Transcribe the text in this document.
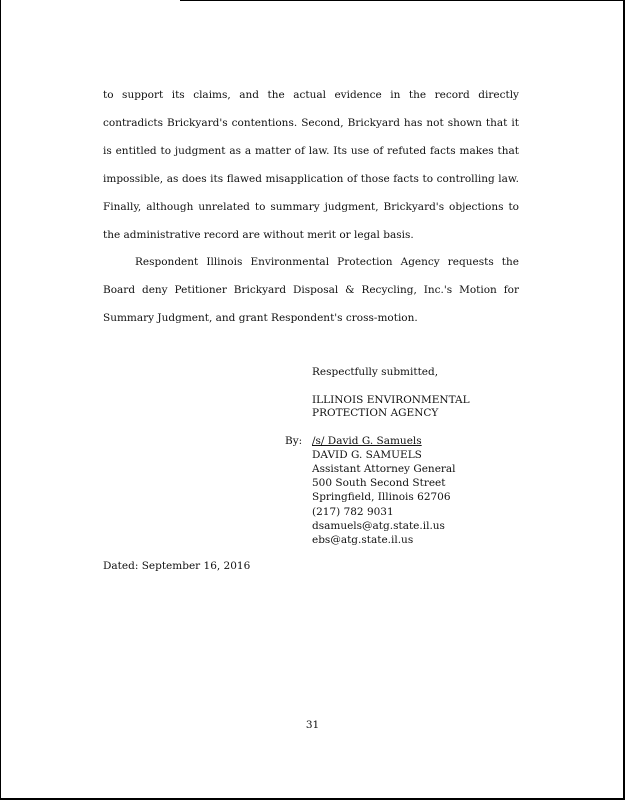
to support its claims, and the actual evidence in the record directly contradicts Brickyard's contentions. Second, Brickyard has not shown that it is entitled to judgment as a matter of law. Its use of refuted facts makes that impossible, as does its flawed misapplication of those facts to controlling law. Finally, although unrelated to summary judgment, Brickyard's objections to the administrative record are without merit or legal basis.

Respondent Illinois Environmental Protection Agency requests the Board deny Petitioner Brickyard Disposal & Recycling, Inc.'s Motion for Summary Judgment, and grant Respondent's cross-motion.

Respectfully submitted,
ILLINOIS ENVIRONMENTAL
PROTECTION AGENCY
By: /s/ David G. Samuels
DAVID G. SAMUELS
Assistant Attorney General
500 South Second Street
Springfield, Illinois 62706
(217) 782 9031
dsamuels@atg.state.il.us
ebs@atg.state.il.us
Dated: September 16, 2016
31
